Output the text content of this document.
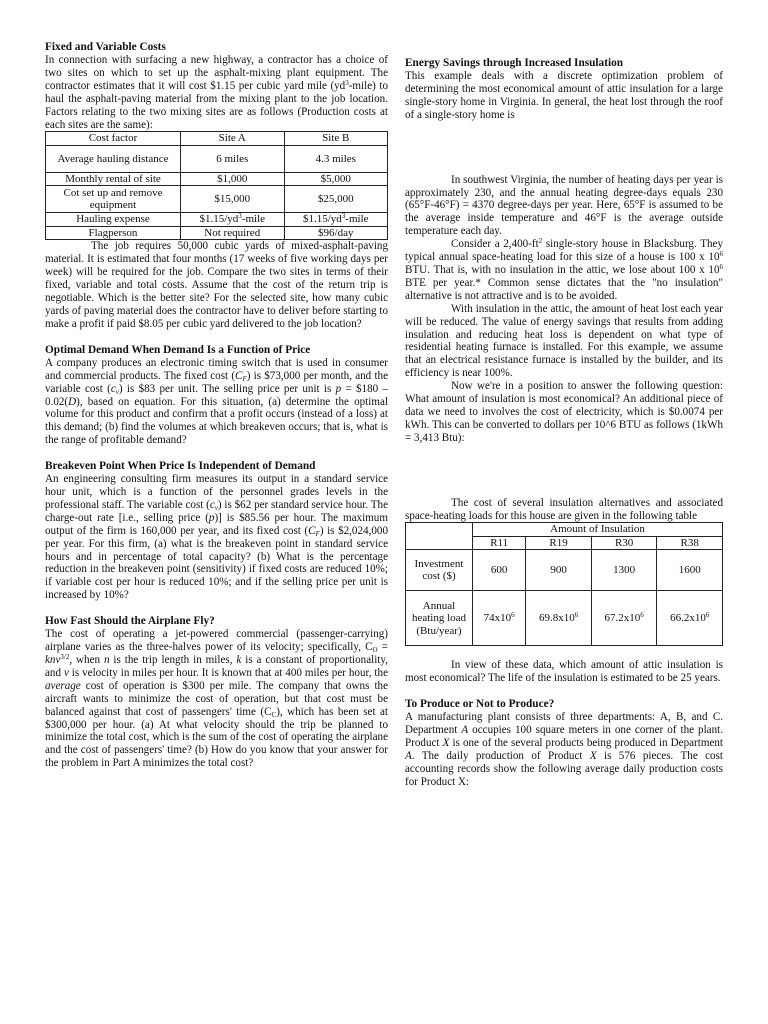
Fixed and Variable Costs

In connection with surfacing a new highway, a contractor has a choice of two sites on which to set up the asphalt-mixing plant equipment. The contractor estimates that it will cost $1.15 per cubic yard mile $(yd^3-mile)$ to haul the asphalt-paving material from the mixing plant to the job location. Factors relating to the two mixing sites are as follows (Production costs at each sites are the same):

Cost factor	Site A	Site B
Average hauling distance	6 miles	4.3 miles
Monthly rental of site	$1,000	$5,000
Cot set up and remove equipment	$15,000	$25,000
Hauling expense	$\$1.15/yd^3$-mile	$\$1.15/yd^3$-mile
Flagperson	Not required	$96/day

The job requires 50,000 cubic yards of mixed-asphalt-paving material. It is estimated that four months (17 weeks of five working days per week) will be required for the job. Compare the two sites in terms of their fixed, variable and total costs. Assume that the cost of the return trip is negotiable. Which is the better site? For the selected site, how many cubic yards of paving material does the contractor have to deliver before starting to make a profit if paid $8.05 per cubic yard delivered to the job location?

Optimal Demand When Demand Is a Function of Price

A company produces an electronic timing switch that is used in consumer and commercial products. The fixed cost $(C_F)$ is $73,000 per month, and the variable cost $(c_v)$ is $83 per unit. The selling price per unit is p = $180 – 0.02(D), based on equation. For this situation, (a) determine the optimal volume for this product and confirm that a profit occurs (instead of a loss) at this demand; (b) find the volumes at which breakeven occurs; that is, what is the range of profitable demand?

Breakeven Point When Price Is Independent of Demand

An engineering consulting firm measures its output in a standard service hour unit, which is a function of the personnel grades levels in the professional staff. The variable cost $(c_v)$ is $62 per standard service hour. The charge-out rate [i.e., selling price (p)] is $85.56 per hour. The maximum output of the firm is 160,000 per year, and its fixed cost $(C_F)$ is $2,024,000 per year. For this firm, (a) what is the breakeven point in standard service hours and in percentage of total capacity? (b) What is the percentage reduction in the breakeven point (sensitivity) if fixed costs are reduced 10%; if variable cost per hour is reduced 10%; and if the selling price per unit is increased by 10%?

How Fast Should the Airplane Fly?

The cost of operating a jet-powered commercial (passenger-carrying) airplane varies as the three-halves power of its velocity; specifically, $C_O = knv^{3/2}$, when n is the trip length in miles, k is a constant of proportionality, and v is velocity in miles per hour. It is known that at 400 miles per hour, the average cost of operation is $300 per mile. The company that owns the aircraft wants to minimize the cost of operation, but that cost must be balanced against that cost of passengers' time $(C_C)$, which has been set at $300,000 per hour. (a) At what velocity should the trip be planned to minimize the total cost, which is the sum of the cost of operating the airplane and the cost of passengers' time? (b) How do you know that your answer for the problem in Part A minimizes the total cost?

Energy Savings through Increased Insulation

This example deals with a discrete optimization problem of determining the most economical amount of attic insulation for a large single-story home in Virginia. In general, the heat lost through the roof of a single-story home is

In southwest Virginia, the number of heating days per year is approximately 230, and the annual heating degree-days equals 230 (65°F-46°F) = 4370 degree-days per year. Here, 65°F is assumed to be the average inside temperature and 46°F is the average outside temperature each day.

Consider a $2,400-ft^2$ single-story house in Blacksburg. They typical annual space-heating load for this size of a house is 100 x $10^6$ BTU. That is, with no insulation in the attic, we lose about 100 x $10^6$ BTE per year.* Common sense dictates that the "no insulation" alternative is not attractive and is to be avoided.

With insulation in the attic, the amount of heat lost each year will be reduced. The value of energy savings that results from adding insulation and reducing heat loss is dependent on what type of residential heating furnace is installed. For this example, we assume that an electrical resistance furnace is installed by the builder, and its efficiency is near 100%.

Now we're in a position to answer the following question: What amount of insulation is most economical? An additional piece of data we need to involves the cost of electricity, which is $0.0074 per kWh. This can be converted to dollars per 10^6 BTU as follows (1kWh = 3,413 Btu):

The cost of several insulation alternatives and associated space-heating loads for this house are given in the following table

	Amount of Insulation			
	R11	R19	R30	R38
Investment cost ($)	600	900	1300	1600
Annual heating load (Btu/year)	$74x10^6$	$69.8x10^6$	$67.2x10^6$	$66.2x10^6$

In view of these data, which amount of attic insulation is most economical? The life of the insulation is estimated to be 25 years.

To Produce or Not to Produce?

A manufacturing plant consists of three departments: A, B, and C. Department A occupies 100 square meters in one corner of the plant. Product X is one of the several products being produced in Department A. The daily production of Product X is 576 pieces. The cost accounting records show the following average daily production costs for Product X:
